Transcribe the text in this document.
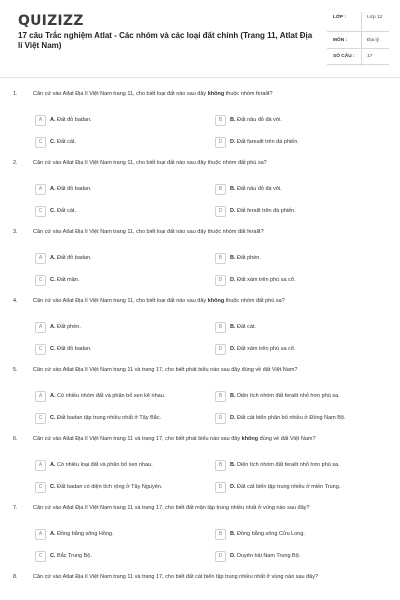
QUIZIZZ
17 câu Trắc nghiệm Atlat - Các nhóm và các loại đất chính (Trang 11, Atlat Địa lí Việt Nam)
LỚP :	Lớp 12
MÔN :	Địa lý
SỐ CÂU :	17
1.	Căn cứ vào Atlat Địa lí Việt Nam trang 11, cho biết loại đất nào sau đây không thuộc nhóm feralit?
A	A. Đất đỏ badan.	B	B. Đất nâu đỏ đá vôi.
C	C. Đất cát.	D	D. Đất fareailt trên đá phiến.
2.	Căn cứ vào Atlat Địa lí Việt Nam trang 11, cho biết loại đất nào sau đây thuộc nhóm đất phù sa?
A	A. Đất đỏ badan.	B	B. Đất nâu đỏ đá vôi.
C	C. Đất cát.	D	D. Đất feralit trên đá phiến.
3.	Căn cứ vào Atlat Địa lí Việt Nam trang 11, cho biết loại đất nào sau đây thuộc nhóm đất feralit?
A	A. Đất đỏ badan.	B	B. Đất phèn.
C	C. Đất mặn.	D	D. Đất xám trên phù sa cổ.
4.	Căn cứ vào Atlat Địa lí Việt Nam trang 11, cho biết loại đất nào sau đây không thuộc nhóm đất phù sa?
A	A. Đất phèn.	B	B. Đất cát.
C	C. Đất đỏ badan.	D	D. Đất xám trên phù sa cổ.
5.	Căn cứ vào Atlat Địa lí Việt Nam trang 11 và trang 17, cho biết phát biểu nào sau đây đúng về đất Việt Nam?
A	A. Có nhiều nhóm đất và phân bố xen kẽ nhau.	B	B. Diện tích nhóm đất feralit nhỏ hơn phù sa.
C	C. Đất badan tập trung nhiều nhất ở Tây Bắc.	D	D. Đất cát biển phân bố nhiều ở Đồng Nam Bộ.
6.	Căn cứ vào Atlat Địa lí Việt Nam trang 11 và trang 17, cho biết phát biểu nào sau đây không đúng về đất Việt Nam?
A	A. Có nhiều loại đất và phân bố xen nhau.	B	B. Diện tích nhóm đất feralit nhỏ hơn phù sa.
C	C. Đất badan có diện tích rộng ở Tây Nguyên.	D	D. Đất cát biển tập trung nhiều ở miền Trung.
7.	Căn cứ vào Atlat Địa lí Việt Nam trang 11 và trang 17, cho biết đất mặn tập trung nhiều nhất ở vùng nào sau đây?
A	A. Đồng bằng sông Hồng.	B	B. Đồng bằng sông Cửu Long.
C	C. Bắc Trung Bộ.	D	D. Duyên hải Nam Trung Bộ.
8.	Căn cứ vào Atlat Địa lí Việt Nam trang 11 và trang 17, cho biết đất cát biển tập trung nhiều nhất ở vùng nào sau đây?
